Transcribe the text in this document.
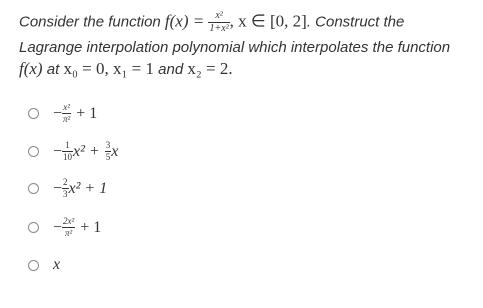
Consider the function $f(x) = \frac{\text{x²}}{\text{1+x²}}$ , x ∈ [0, 2]. Construct the
Lagrange interpolation polynomial which interpolates the function
f(x) at x₀ = 0, x₁ = 1 and x₂ = 2.
− $\frac{\text{x²}}{\text{π²}} + 1$
− $\frac{1}{10} x^2 + \frac{3}{5}$ x
− $\frac{2}{3} x^2 + 1$
− $\frac{\text{2x²}}{\text{π²}} + 1$
x
